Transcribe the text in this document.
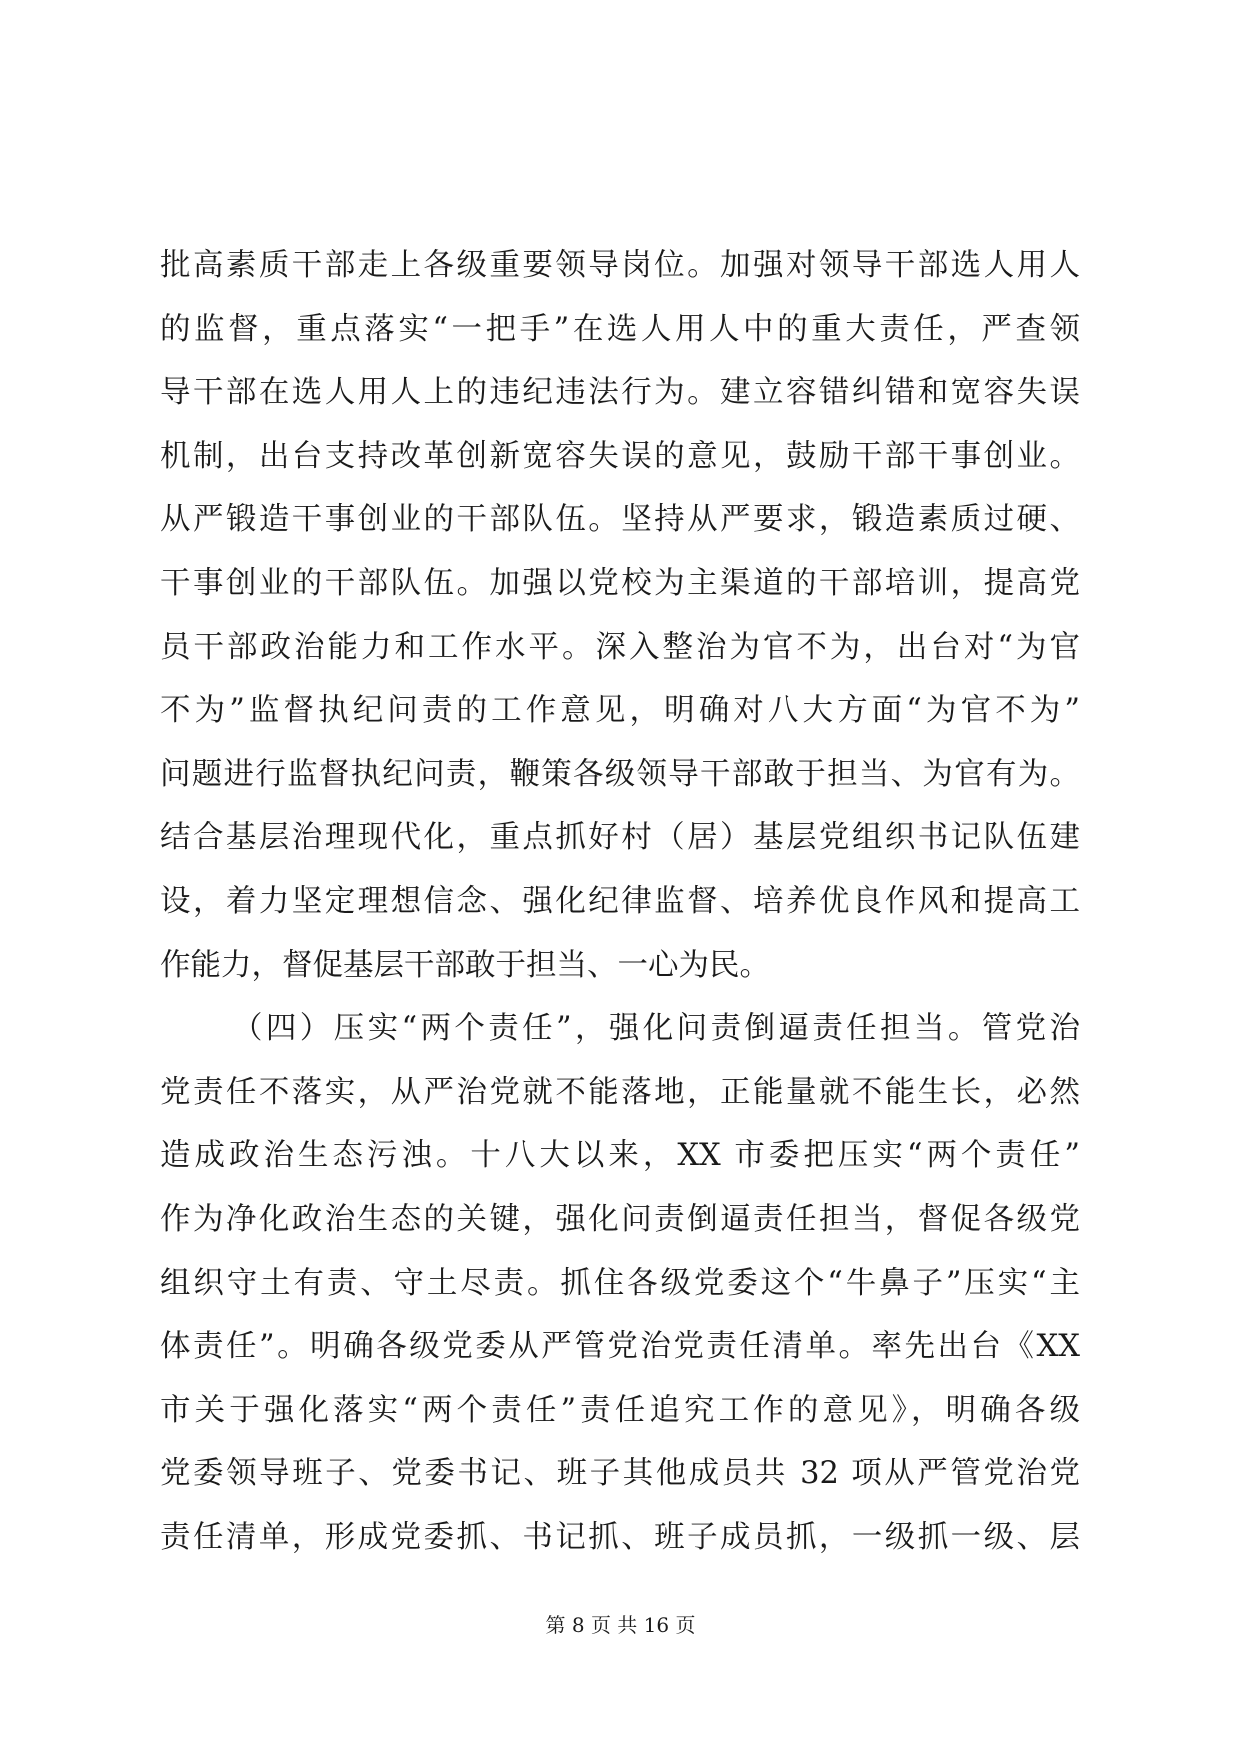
批高素质干部走上各级重要领导岗位。加强对领导干部选人用人
的监督，重点落实“一把手”在选人用人中的重大责任，严查领
导干部在选人用人上的违纪违法行为。建立容错纠错和宽容失误
机制，出台支持改革创新宽容失误的意见，鼓励干部干事创业。
从严锻造干事创业的干部队伍。坚持从严要求，锻造素质过硬、
干事创业的干部队伍。加强以党校为主渠道的干部培训，提高党
员干部政治能力和工作水平。深入整治为官不为，出台对“为官
不为”监督执纪问责的工作意见，明确对八大方面“为官不为”
问题进行监督执纪问责，鞭策各级领导干部敢于担当、为官有为。
结合基层治理现代化，重点抓好村（居）基层党组织书记队伍建
设，着力坚定理想信念、强化纪律监督、培养优良作风和提高工
作能力，督促基层干部敢于担当、一心为民。
（四）压实“两个责任”，强化问责倒逼责任担当。管党治
党责任不落实，从严治党就不能落地，正能量就不能生长，必然
造成政治生态污浊。十八大以来，XX 市委把压实“两个责任”
作为净化政治生态的关键，强化问责倒逼责任担当，督促各级党
组织守土有责、守土尽责。抓住各级党委这个“牛鼻子”压实“主
体责任”。明确各级党委从严管党治党责任清单。率先出台《XX
市关于强化落实“两个责任”责任追究工作的意见》，明确各级
党委领导班子、党委书记、班子其他成员共 32 项从严管党治党
责任清单，形成党委抓、书记抓、班子成员抓，一级抓一级、层
第 8 页 共 16 页
